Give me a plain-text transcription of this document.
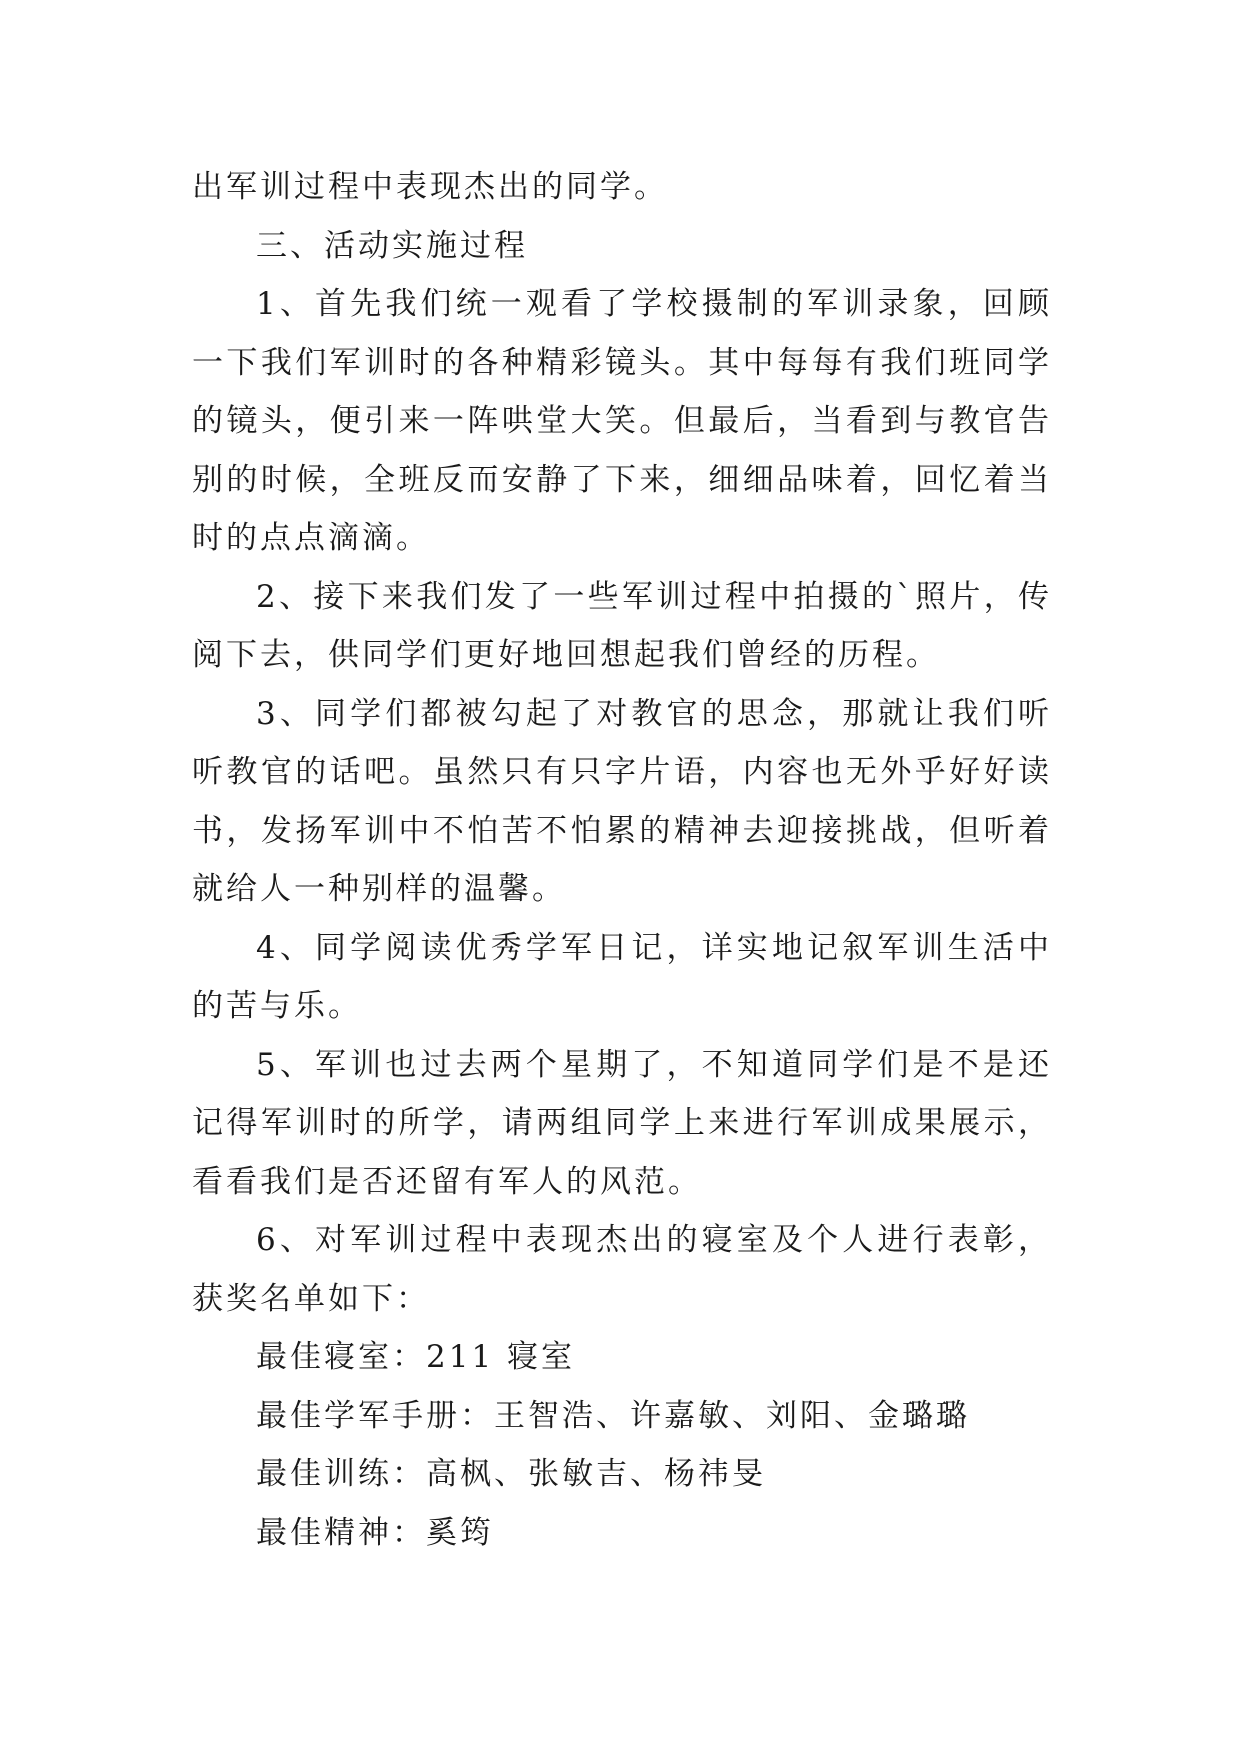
出军训过程中表现杰出的同学。

三、活动实施过程

1、首先我们统一观看了学校摄制的军训录象，回顾一下我们军训时的各种精彩镜头。其中每每有我们班同学的镜头，便引来一阵哄堂大笑。但最后，当看到与教官告别的时候，全班反而安静了下来，细细品味着，回忆着当时的点点滴滴。

2、接下来我们发了一些军训过程中拍摄的`照片，传阅下去，供同学们更好地回想起我们曾经的历程。

3、同学们都被勾起了对教官的思念，那就让我们听听教官的话吧。虽然只有只字片语，内容也无外乎好好读书，发扬军训中不怕苦不怕累的精神去迎接挑战，但听着就给人一种别样的温馨。

4、同学阅读优秀学军日记，详实地记叙军训生活中的苦与乐。

5、军训也过去两个星期了，不知道同学们是不是还记得军训时的所学，请两组同学上来进行军训成果展示，看看我们是否还留有军人的风范。

6、对军训过程中表现杰出的寝室及个人进行表彰，获奖名单如下：

最佳寝室：211 寝室

最佳学军手册：王智浩、许嘉敏、刘阳、金璐璐

最佳训练：高枫、张敏吉、杨祎旻

最佳精神：奚筠
